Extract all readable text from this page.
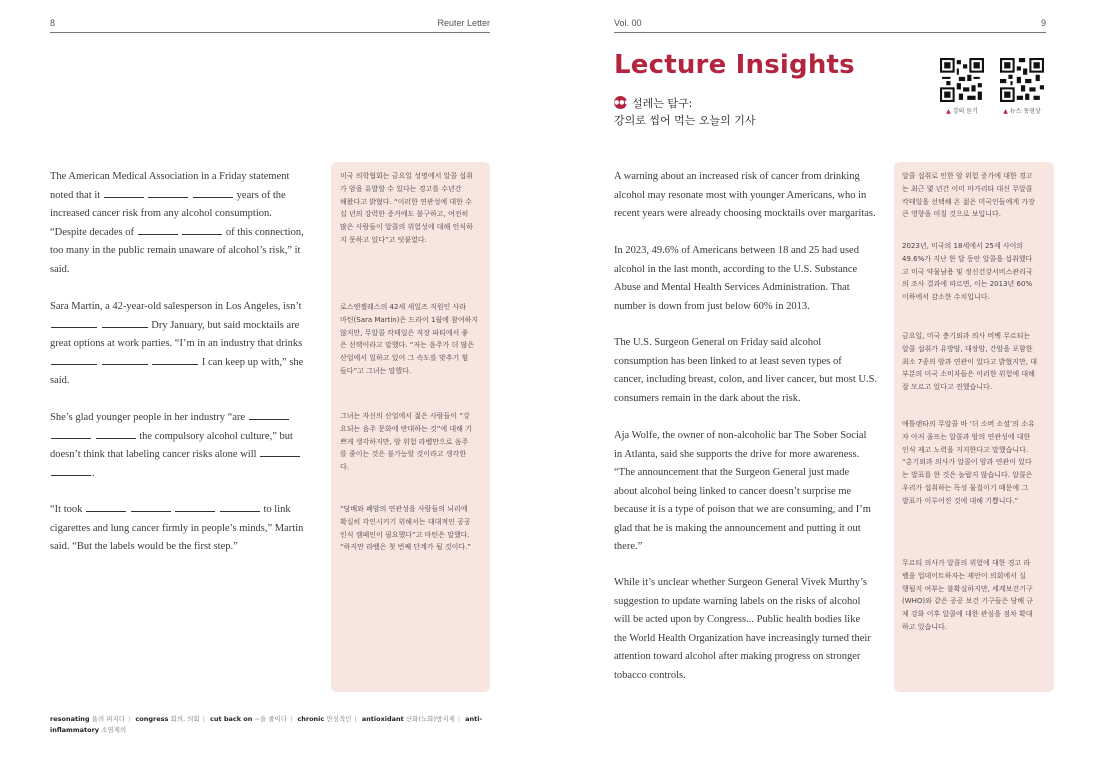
8	Reuter Letter
The American Medical Association in a Friday statement
noted that it	years of the
increased cancer risk from any alcohol consumption.
“Despite decades of	of this connection,
too many in the public remain unaware of alcohol’s risk,” it
said.
Sara Martin, a 42-year-old salesperson in Los Angeles, isn’t
Dry January, but said mocktails are
great options at work parties. “I’m in an industry that drinks
I can keep up with,” she
said.
She’s glad younger people in her industry “are
the compulsory alcohol culture,” but
doesn’t think that labeling cancer risks alone will
.
“It took	to link
cigarettes and lung cancer firmly in people’s minds,” Martin
said. “But the labels would be the first step.”
미국 의학협회는 금요일 성명에서 알콜 섭취
가 암을 유발할 수 있다는 경고를 수년간
해왔다고 밝혔다. “이러한 연관성에 대한 수
십 년의 강력한 증거에도 불구하고, 여전히
많은 사람들이 알콜의 위험성에 대해 인식하
지 못하고 있다”고 덧붙였다.
로스앤젤레스의 42세 세일즈 직원인 사라
마틴(Sara Martin)은 드라이 1월에 참여하지
않지만, 무알콜 칵테일은 직장 파티에서 좋
은 선택이라고 말했다. “저는 음주가 더 많은
산업에서 일하고 있어 그 속도를 맞추기 힘
들다”고 그녀는 말했다.
그녀는 자신의 산업에서 젊은 사람들이 “강
요되는 음주 문화에 반대하는 것”에 대해 기
쁘게 생각하지만, 암 위험 라벨만으로 음주
를 줄이는 것은 불가능할 것이라고 생각한
다.
“담배와 폐암의 연관성을 사람들의 뇌리에
확실히 각인시키기 위해서는 대대적인 공공
인식 캠페인이 필요했다”고 마틴은 말했다.
“하지만 라벨은 첫 번째 단계가 될 것이다.”
resonating 울려 퍼지다 | congress 회의, 의회 | cut back on ~을 줄이다 | chronic 만성적인 | antioxidant 산화(노화)방지제 | anti-inflammatory 소염제의
Vol. 00	9
Lecture Insights
●●● 설레는 탐구:
강의로 씹어 먹는 오늘의 기사
▲ 강의 듣기	▲ 뉴스 동영상
A warning about an increased risk of cancer from drinking
alcohol may resonate most with younger Americans, who in
recent years were already choosing mocktails over margaritas.
In 2023, 49.6% of Americans between 18 and 25 had used
alcohol in the last month, according to the U.S. Substance
Abuse and Mental Health Services Administration. That
number is down from just below 60% in 2013.
The U.S. Surgeon General on Friday said alcohol
consumption has been linked to at least seven types of
cancer, including breast, colon, and liver cancer, but most U.S.
consumers remain in the dark about the risk.
Aja Wolfe, the owner of non-alcoholic bar The Sober Social
in Atlanta, said she supports the drive for more awareness.
“The announcement that the Surgeon General just made
about alcohol being linked to cancer doesn’t surprise me
because it is a type of poison that we are consuming, and I’m
glad that he is making the announcement and putting it out
there.”
While it’s unclear whether Surgeon General Vivek Murthy’s
suggestion to update warning labels on the risks of alcohol
will be acted upon by Congress... Public health bodies like
the World Health Organization have increasingly turned their
attention toward alcohol after making progress on stronger
tobacco controls.
알콜 섭취로 인한 암 위험 증가에 대한 경고
는 최근 몇 년간 이미 마가리타 대신 무알콜
칵테일을 선택해 온 젊은 미국인들에게 가장
큰 영향을 미칠 것으로 보입니다.
2023년, 미국의 18세에서 25세 사이의
49.6%가 지난 한 달 동안 알콜을 섭취했다
고 미국 약물남용 및 정신건강서비스관리국
의 조사 결과에 따르면, 이는 2013년 60%
이하에서 감소한 수치입니다.
금요일, 미국 충기외과 의사 비벡 무르티는
알콜 섭취가 유방암, 대장암, 간암을 포함한
최소 7종의 암과 연관이 있다고 밝혔지만, 대
부분의 미국 소비자들은 이러한 위험에 대해
잘 모르고 있다고 전했습니다.
애틀랜타의 무알콜 바 ‘더 소버 소셜’의 소유
자 아저 울프는 알콜과 암의 연관성에 대한
인식 제고 노력을 지지한다고 말했습니다.
“총기외과 의사가 알콜이 암과 연관이 있다
는 발표를 한 것은 놀랍지 않습니다. 알콜은
우리가 섭취하는 독성 물질이기 때문에 그
발표가 이루어진 것에 대해 기쁩니다.”
무르티 의사가 알콜의 위험에 대한 경고 라
벨을 업데이트하자는 제안이 의회에서 실
행될지 여부는 불확실하지만, 세계보건기구
(WHO)와 같은 공공 보건 기구들은 담배 규
제 강화 이후 알콜에 대한 관심을 점차 확대
하고 있습니다.
